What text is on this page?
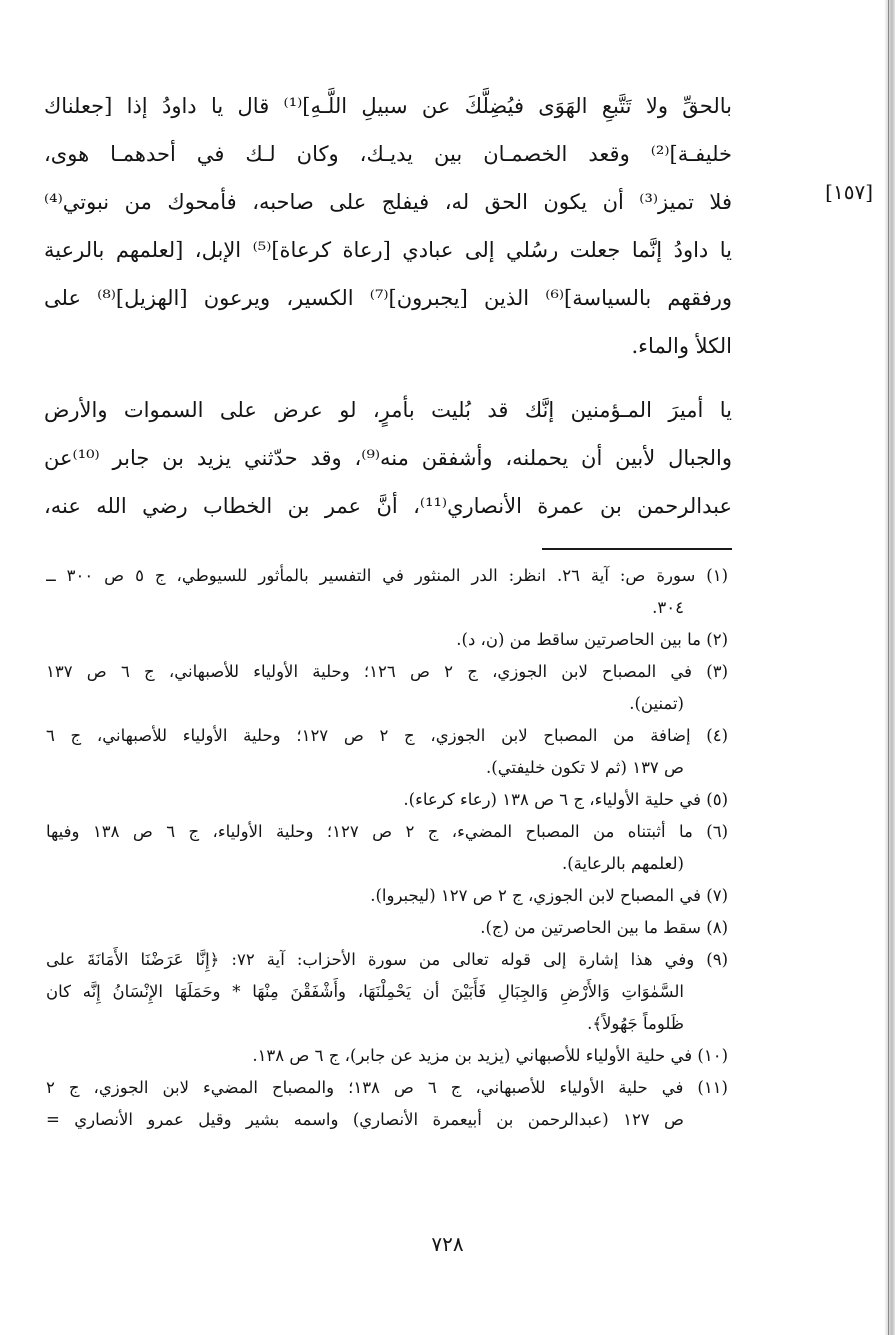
[١٥٧]
بالحقِّ ولا تَتَّبعِ الهَوَى فيُضِلَّكَ عن سبيلِ اللَّـهِ]⁽¹⁾ قال يا داودُ إذا [جعلناك
خليفـة]⁽²⁾ وقعد الخصمـان بين يديـك، وكان لـك في أحدهمـا هوى،
فلا تميز⁽³⁾ أن يكون الحق له، فيفلج على صاحبه، فأمحوك من نبوتي⁽⁴⁾
يا داودُ إنَّما جعلت رسُلي إلى عبادي [رعاة كرعاة]⁽⁵⁾ الإبل، [لعلمهم بالرعية
ورفقهم بالسياسة]⁽⁶⁾ الذين [يجبرون]⁽⁷⁾ الكسير، ويرعون [الهزيل]⁽⁸⁾ على
الكلأ والماء.
يا أميرَ المـؤمنين إنَّك قد بُليت بأمرٍ، لو عرض على السموات والأرض
والجبال لأبين أن يحملنه، وأشفقن منه⁽⁹⁾، وقد حدّثني يزيد بن جابر ⁽¹⁰⁾عن
عبدالرحمن بن عمرة الأنصاري⁽¹¹⁾، أنَّ عمر بن الخطاب رضي الله عنه،
(١) سورة ص: آية ٢٦. انظر: الدر المنثور في التفسير بالمأثور للسيوطي، ج ٥ ص ٣٠٠ ــ
٣٠٤.
(٢) ما بين الحاصرتين ساقط من (ن، د).
(٣) في المصباح لابن الجوزي، ج ٢ ص ١٢٦؛ وحلية الأولياء للأصبهاني، ج ٦ ص ١٣٧
(تمنين).
(٤) إضافة من المصباح لابن الجوزي، ج ٢ ص ١٢٧؛ وحلية الأولياء للأصبهاني، ج ٦
ص ١٣٧ (ثم لا تكون خليفتي).
(٥) في حلية الأولياء، ج ٦ ص ١٣٨ (رعاء كرعاء).
(٦) ما أثبتناه من المصباح المضيء، ج ٢ ص ١٢٧؛ وحلية الأولياء، ج ٦ ص ١٣٨ وفيها
(لعلمهم بالرعاية).
(٧) في المصباح لابن الجوزي، ج ٢ ص ١٢٧ (ليجبروا).
(٨) سقط ما بين الحاصرتين من (ج).
(٩) وفي هذا إشارة إلى قوله تعالى من سورة الأحزاب: آية ٧٢: ﴿إِنَّا عَرَضْنَا الأَمَانَةَ على
السَّمٰوَاتِ وَالأَرْضِ وَالجِبَالِ فَأَبَيْنَ أن يَحْمِلْنَهَا، وأَشْفَقْنَ مِنْهَا * وحَمَلَهَا الإِنْسَانُ إِنَّه كان
ظَلوماً جَهُولاً﴾.
(١٠) في حلية الأولياء للأصبهاني (يزيد بن مزيد عن جابر)، ج ٦ ص ١٣٨.
(١١) في حلية الأولياء للأصبهاني، ج ٦ ص ١٣٨؛ والمصباح المضيء لابن الجوزي، ج ٢
ص ١٢٧ (عبدالرحمن بن أبيعمرة الأنصاري) واسمه بشير وقيل عمرو الأنصاري =
٧٢٨
